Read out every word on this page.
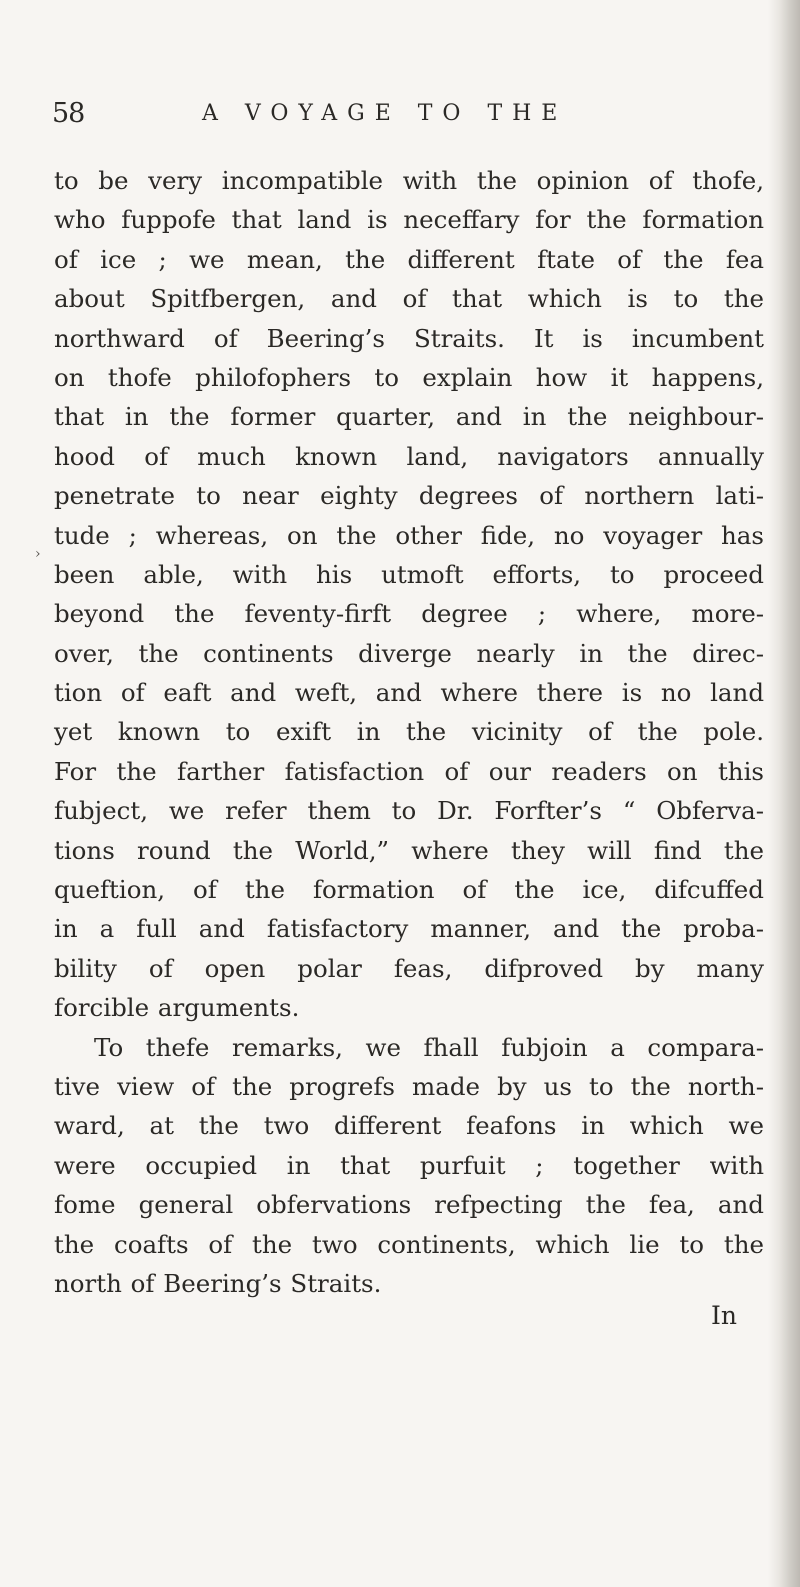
58	A VOYAGE TO THE
›
to be very incompatible with the opinion of thofe,
who fuppofe that land is neceffary for the formation
of ice ; we mean, the different ftate of the fea
about Spitfbergen, and of that which is to the
northward of Beering’s Straits. It is incumbent
on thofe philofophers to explain how it happens,
that in the former quarter, and in the neighbour-
hood of much known land, navigators annually
penetrate to near eighty degrees of northern lati-
tude ; whereas, on the other fide, no voyager has
been able, with his utmoft efforts, to proceed
beyond the feventy-firft degree ; where, more-
over, the continents diverge nearly in the direc-
tion of eaft and weft, and where there is no land
yet known to exift in the vicinity of the pole.
For the farther fatisfaction of our readers on this
fubject, we refer them to Dr. Forfter’s “ Obferva-
tions round the World,” where they will find the
queftion, of the formation of the ice, difcuffed
in a full and fatisfactory manner, and the proba-
bility of open polar feas, difproved by many
forcible arguments.
To thefe remarks, we fhall fubjoin a compara-
tive view of the progrefs made by us to the north-
ward, at the two different feafons in which we
were occupied in that purfuit ; together with
fome general obfervations refpecting the fea, and
the coafts of the two continents, which lie to the
north of Beering’s Straits.
In
